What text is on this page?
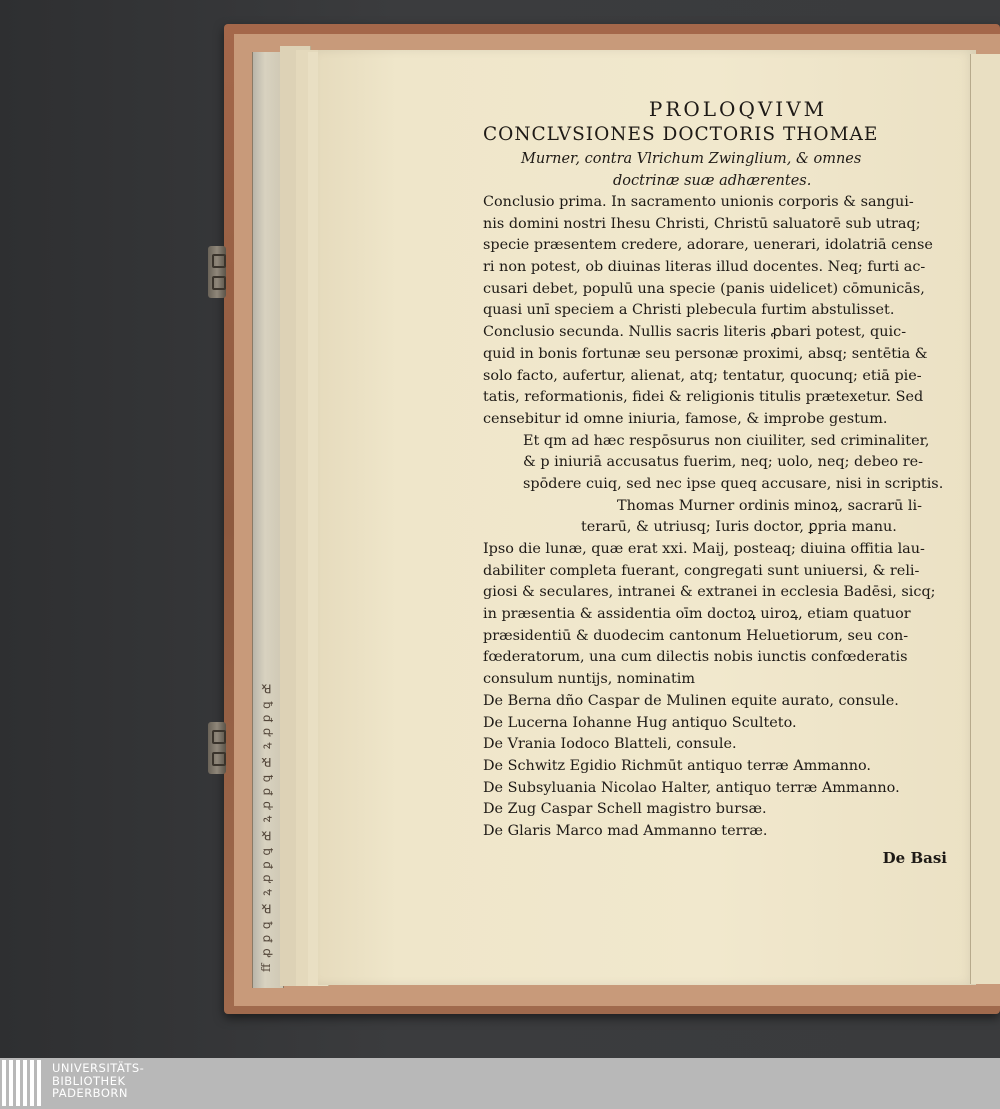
ﬀ ꝓ ꝑ ꝗ ℞ ꝝ ꝓ ꝑ ꝗ ℞ ꝝ ꝓ ꝑ ꝗ ℞ ꝝ ꝓ ꝑ ꝗ ℞
PROLOQVIVM
CONCLVSIONES DOCTORIS THOMAE
Murner, contra Vlrichum Zwinglium, & omnes
doctrinæ suæ adhærentes.
Conclusio prima. In sacramento unionis corporis & sangui-
nis domini nostri Ihesu Christi, Christū saluatorē sub utraq;
specie præsentem credere, adorare, uenerari, idolatriā cense
ri non potest, ob diuinas literas illud docentes. Neq; furti ac-
cusari debet, populū una specie (panis uidelicet) cōmunicās,
quasi unī speciem a Christi plebecula furtim abstulisset.
Conclusio secunda. Nullis sacris literis ꝓbari potest, quic-
quid in bonis fortunæ seu personæ proximi, absq; sentētia &
solo facto, aufertur, alienat, atq; tentatur, quocunq; etiā pie-
tatis, reformationis, fidei & religionis titulis prætexetur. Sed
censebitur id omne iniuria, famose, & improbe gestum.
Et qm ad hæc respōsurus non ciuiliter, sed criminaliter,
& p iniuriā accusatus fuerim, neq; uolo, neq; debeo re-
spōdere cuiq, sed nec ipse queq accusare, nisi in scriptis.
Thomas Murner ordinis minoꝝ, sacrarū li-
terarū, & utriusq; Iuris doctor, ꝑpria manu.
Ipso die lunæ, quæ erat xxi. Maij, posteaq; diuina offitia lau-
dabiliter completa fuerant, congregati sunt uniuersi, & reli-
giosi & seculares, intranei & extranei in ecclesia Badēsi, sicq;
in præsentia & assidentia oīm doctoꝝ uiroꝝ, etiam quatuor
præsidentiū & duodecim cantonum Heluetiorum, seu con-
fœderatorum, una cum dilectis nobis iunctis confœderatis
consulum nuntijs, nominatim
De Berna dño Caspar de Mulinen equite aurato, consule.
De Lucerna Iohanne Hug antiquo Sculteto.
De Vrania Iodoco Blatteli, consule.
De Schwitz Egidio Richmūt antiquo terræ Ammanno.
De Subsyluania Nicolao Halter, antiquo terræ Ammanno.
De Zug Caspar Schell magistro bursæ.
De Glaris Marco mad Ammanno terræ.
De Basi
UNIVERSITÄTS-
BIBLIOTHEK
PADERBORN
